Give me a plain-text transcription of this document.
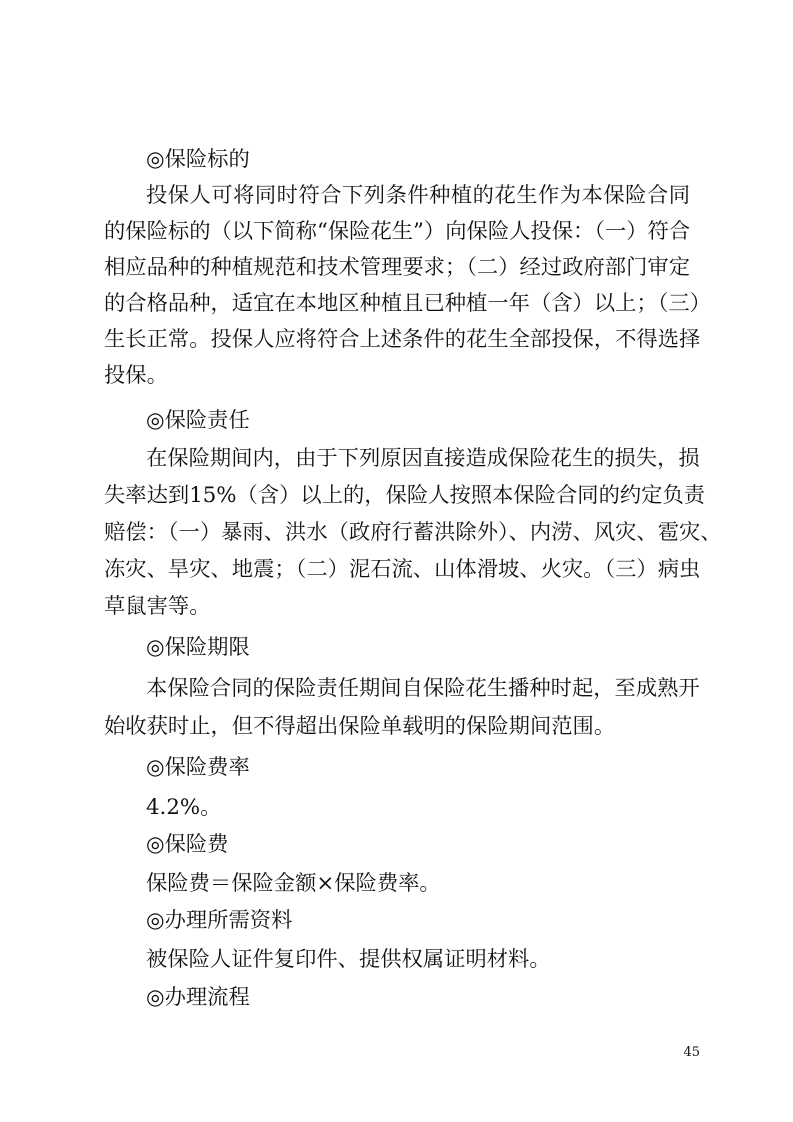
◎保险标的
投保人可将同时符合下列条件种植的花生作为本保险合同
的保险标的（以下简称“保险花生”）向保险人投保：（一）符合
相应品种的种植规范和技术管理要求；（二）经过政府部门审定
的合格品种，适宜在本地区种植且已种植一年（含）以上；（三）
生长正常。投保人应将符合上述条件的花生全部投保，不得选择
投保。
◎保险责任
在保险期间内，由于下列原因直接造成保险花生的损失，损
失率达到15%（含）以上的，保险人按照本保险合同的约定负责
赔偿：（一）暴雨、洪水（政府行蓄洪除外）、内涝、风灾、雹灾、
冻灾、旱灾、地震；（二）泥石流、山体滑坡、火灾。（三）病虫
草鼠害等。
◎保险期限
本保险合同的保险责任期间自保险花生播种时起，至成熟开
始收获时止，但不得超出保险单载明的保险期间范围。
◎保险费率
4.2%。
◎保险费
保险费＝保险金额×保险费率。
◎办理所需资料
被保险人证件复印件、提供权属证明材料。
◎办理流程
45
